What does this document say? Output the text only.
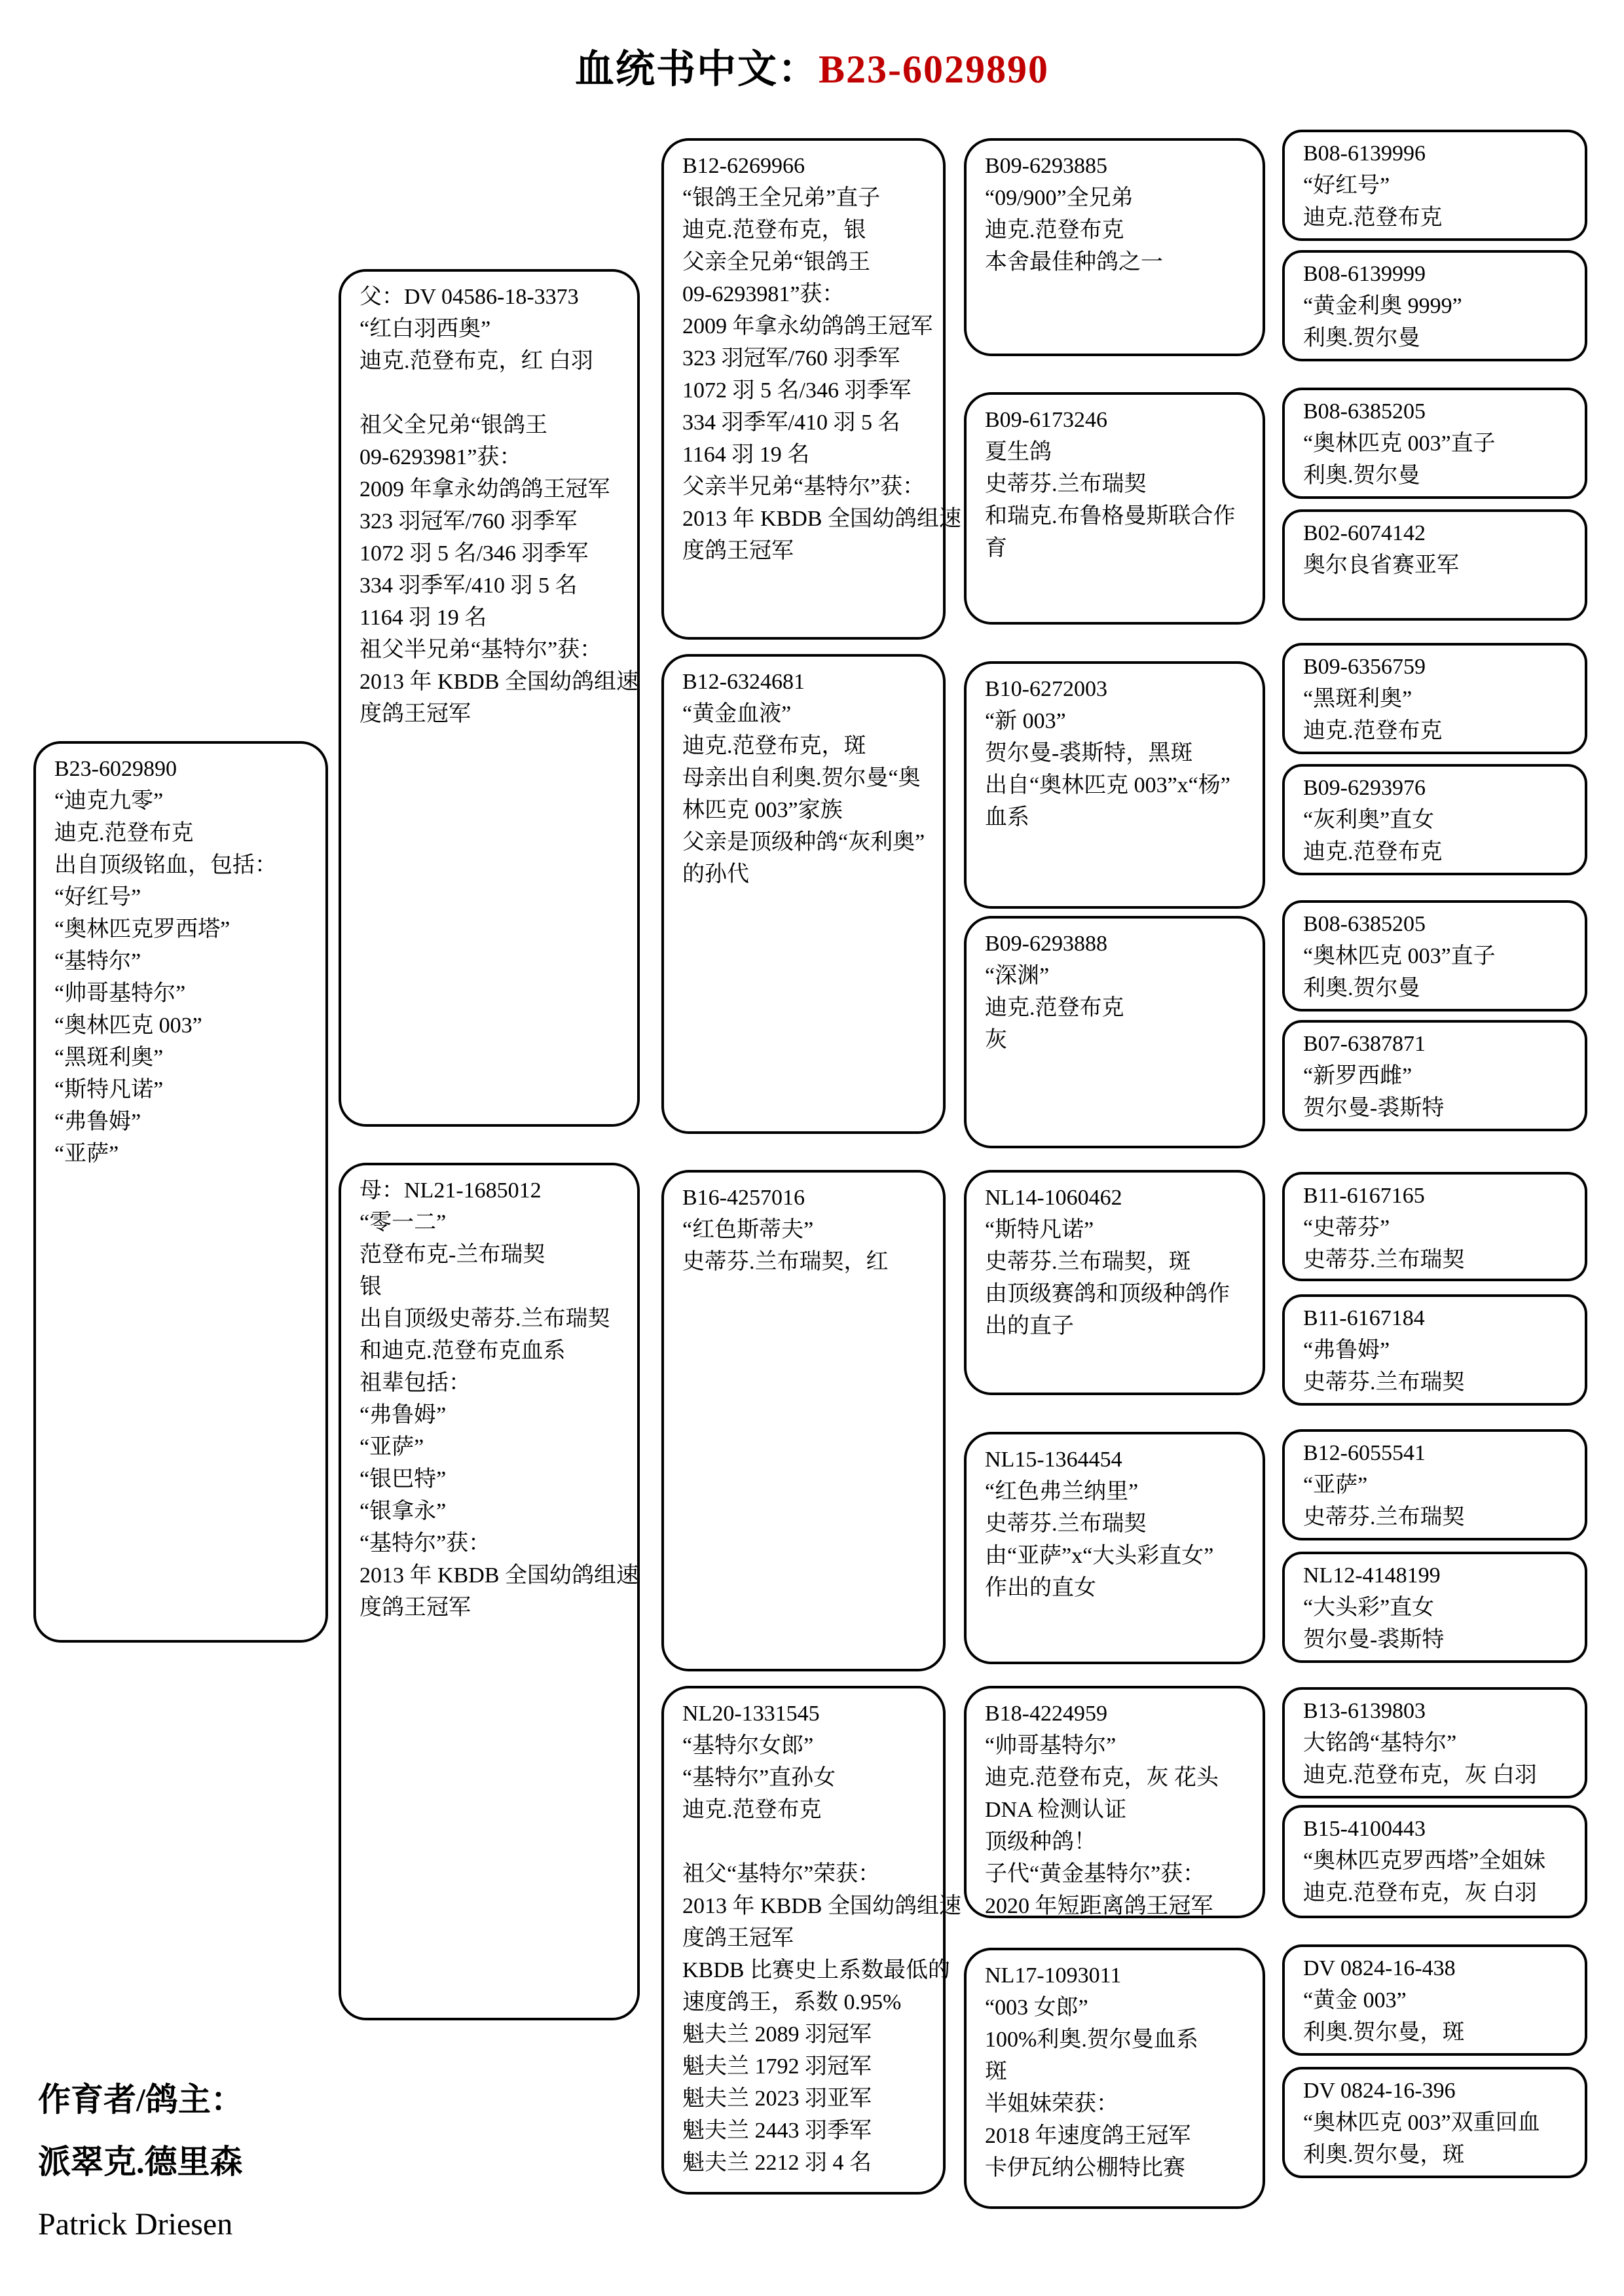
血统书中文：B23-6029890
B23-6029890
“迪克九零”
迪克.范登布克
出自顶级铭血，包括：
“好红号”
“奥林匹克罗西塔”
“基特尔”
“帅哥基特尔”
“奥林匹克 003”
“黑斑利奥”
“斯特凡诺”
“弗鲁姆”
“亚萨”
父：DV 04586-18-3373
“红白羽西奥”
迪克.范登布克，红 白羽

祖父全兄弟“银鸽王
09-6293981”获：
2009 年拿永幼鸽鸽王冠军
323 羽冠军/760 羽季军
1072 羽 5 名/346 羽季军
334 羽季军/410 羽 5 名
1164 羽 19 名
祖父半兄弟“基特尔”获：
2013 年 KBDB 全国幼鸽组速
度鸽王冠军
母：NL21-1685012
“零一二”
范登布克-兰布瑞契
银
出自顶级史蒂芬.兰布瑞契
和迪克.范登布克血系
祖辈包括：
“弗鲁姆”
“亚萨”
“银巴特”
“银拿永”
“基特尔”获：
2013 年 KBDB 全国幼鸽组速
度鸽王冠军
B12-6269966
“银鸽王全兄弟”直子
迪克.范登布克，银
父亲全兄弟“银鸽王
09-6293981”获：
2009 年拿永幼鸽鸽王冠军
323 羽冠军/760 羽季军
1072 羽 5 名/346 羽季军
334 羽季军/410 羽 5 名
1164 羽 19 名
父亲半兄弟“基特尔”获：
2013 年 KBDB 全国幼鸽组速
度鸽王冠军
B12-6324681
“黄金血液”
迪克.范登布克，斑
母亲出自利奥.贺尔曼“奥
林匹克 003”家族
父亲是顶级种鸽“灰利奥”
的孙代
B16-4257016
“红色斯蒂夫”
史蒂芬.兰布瑞契，红
NL20-1331545
“基特尔女郎”
“基特尔”直孙女
迪克.范登布克

祖父“基特尔”荣获：
2013 年 KBDB 全国幼鸽组速
度鸽王冠军
KBDB 比赛史上系数最低的
速度鸽王，系数 0.95%
魁夫兰 2089 羽冠军
魁夫兰 1792 羽冠军
魁夫兰 2023 羽亚军
魁夫兰 2443 羽季军
魁夫兰 2212 羽 4 名
B09-6293885
“09/900”全兄弟
迪克.范登布克
本舍最佳种鸽之一
B09-6173246
夏生鸽
史蒂芬.兰布瑞契
和瑞克.布鲁格曼斯联合作
育
B10-6272003
“新 003”
贺尔曼-裘斯特，黑斑
出自“奥林匹克 003”x“杨”
血系
B09-6293888
“深渊”
迪克.范登布克
灰
NL14-1060462
“斯特凡诺”
史蒂芬.兰布瑞契，斑
由顶级赛鸽和顶级种鸽作
出的直子
NL15-1364454
“红色弗兰纳里”
史蒂芬.兰布瑞契
由“亚萨”x“大头彩直女”
作出的直女
B18-4224959
“帅哥基特尔”
迪克.范登布克，灰 花头
DNA 检测认证
顶级种鸽！
子代“黄金基特尔”获：
2020 年短距离鸽王冠军
NL17-1093011
“003 女郎”
100%利奥.贺尔曼血系
斑
半姐妹荣获：
2018 年速度鸽王冠军
卡伊瓦纳公棚特比赛
B08-6139996
“好红号”
迪克.范登布克
B08-6139999
“黄金利奥 9999”
利奥.贺尔曼
B08-6385205
“奥林匹克 003”直子
利奥.贺尔曼
B02-6074142
奥尔良省赛亚军
B09-6356759
“黑斑利奥”
迪克.范登布克
B09-6293976
“灰利奥”直女
迪克.范登布克
B08-6385205
“奥林匹克 003”直子
利奥.贺尔曼
B07-6387871
“新罗西雌”
贺尔曼-裘斯特
B11-6167165
“史蒂芬”
史蒂芬.兰布瑞契
B11-6167184
“弗鲁姆”
史蒂芬.兰布瑞契
B12-6055541
“亚萨”
史蒂芬.兰布瑞契
NL12-4148199
“大头彩”直女
贺尔曼-裘斯特
B13-6139803
大铭鸽“基特尔”
迪克.范登布克，灰 白羽
B15-4100443
“奥林匹克罗西塔”全姐妹
迪克.范登布克，灰 白羽
DV 0824-16-438
“黄金 003”
利奥.贺尔曼，斑
DV 0824-16-396
“奥林匹克 003”双重回血
利奥.贺尔曼，斑
作育者/鸽主：
派翠克.德里森
Patrick Driesen
